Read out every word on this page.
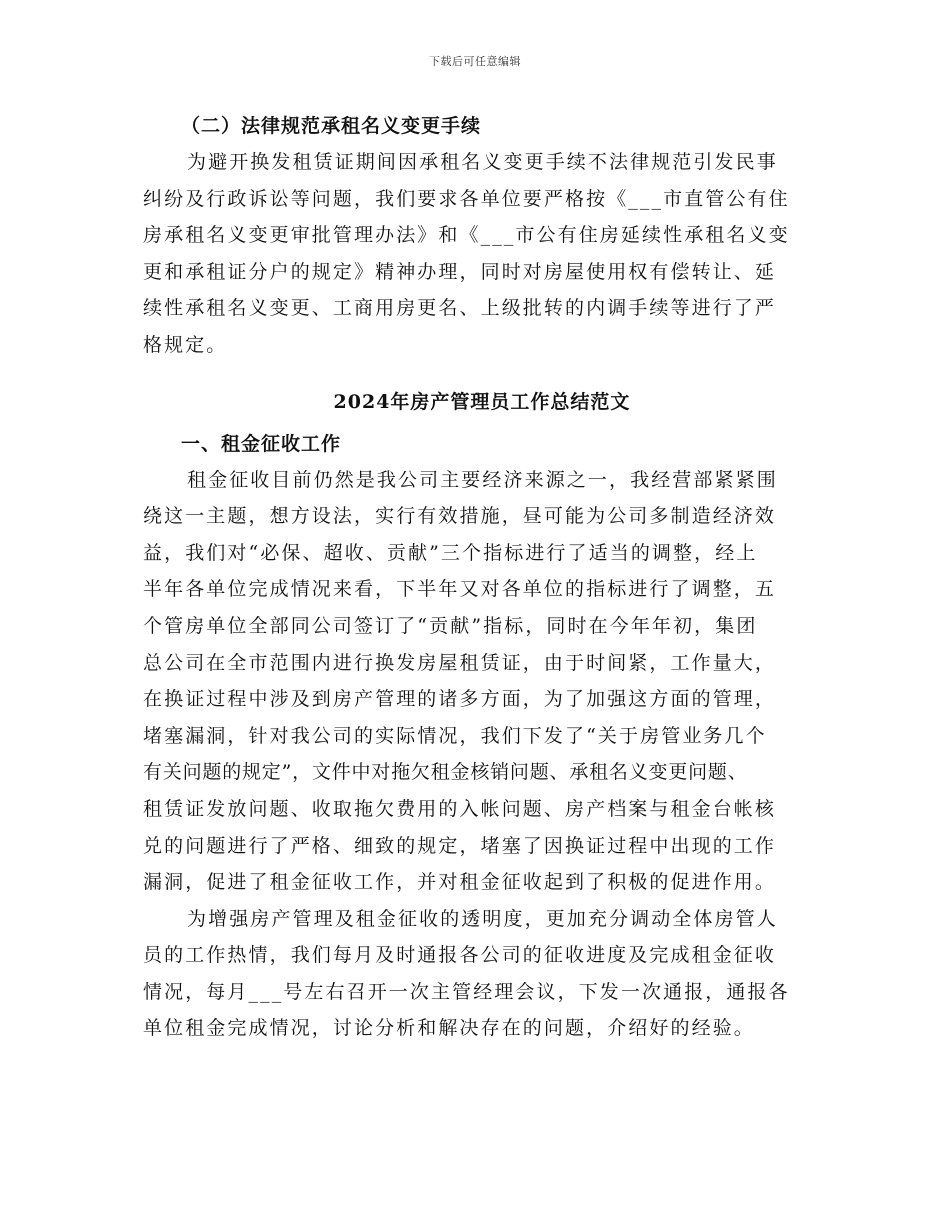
下载后可任意编辑

（二）法律规范承租名义变更手续

为避开换发租赁证期间因承租名义变更手续不法律规范引发民事
纠纷及行政诉讼等问题，我们要求各单位要严格按《___市直管公有住
房承租名义变更审批管理办法》和《___市公有住房延续性承租名义变
更和承租证分户的规定》精神办理，同时对房屋使用权有偿转让、延
续性承租名义变更、工商用房更名、上级批转的内调手续等进行了严
格规定。
2024年房产管理员工作总结范文

一、租金征收工作

租金征收目前仍然是我公司主要经济来源之一，我经营部紧紧围
绕这一主题，想方设法，实行有效措施，昼可能为公司多制造经济效
益，我们对“必保、超收、贡献”三个指标进行了适当的调整，经上
半年各单位完成情况来看，下半年又对各单位的指标进行了调整，五
个管房单位全部同公司签订了“贡献”指标，同时在今年年初，集团
总公司在全市范围内进行换发房屋租赁证，由于时间紧，工作量大，
在换证过程中涉及到房产管理的诸多方面，为了加强这方面的管理，
堵塞漏洞，针对我公司的实际情况，我们下发了“关于房管业务几个
有关问题的规定”，文件中对拖欠租金核销问题、承租名义变更问题、
租赁证发放问题、收取拖欠费用的入帐问题、房产档案与租金台帐核
兑的问题进行了严格、细致的规定，堵塞了因换证过程中出现的工作
漏洞，促进了租金征收工作，并对租金征收起到了积极的促进作用。
为增强房产管理及租金征收的透明度，更加充分调动全体房管人
员的工作热情，我们每月及时通报各公司的征收进度及完成租金征收
情况，每月___号左右召开一次主管经理会议，下发一次通报，通报各
单位租金完成情况，讨论分析和解决存在的问题，介绍好的经验。
